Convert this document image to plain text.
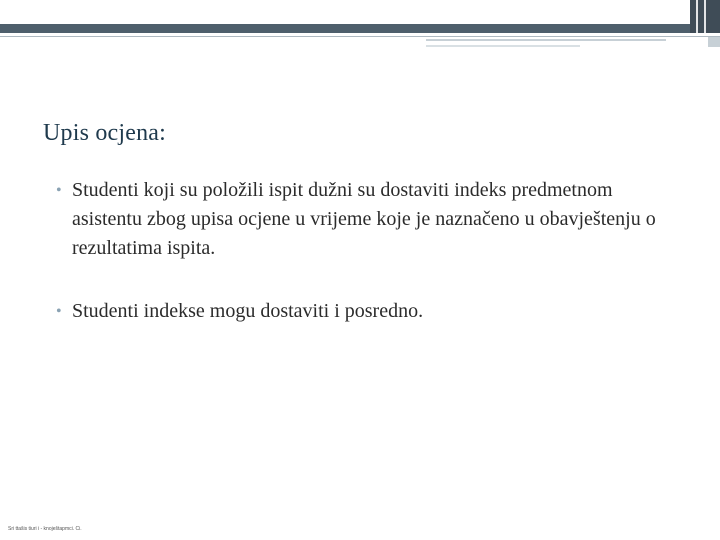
Upis ocjena:
• Studenti koji su položili ispit dužni su dostaviti indeks predmetnom asistentu zbog upisa ocjene u vrijeme koje je naznačeno u obavještenju o rezultatima ispita.
• Studenti indekse mogu dostaviti i posredno.
Sri ttašis tiuri i - knoještapmci. Ci.
